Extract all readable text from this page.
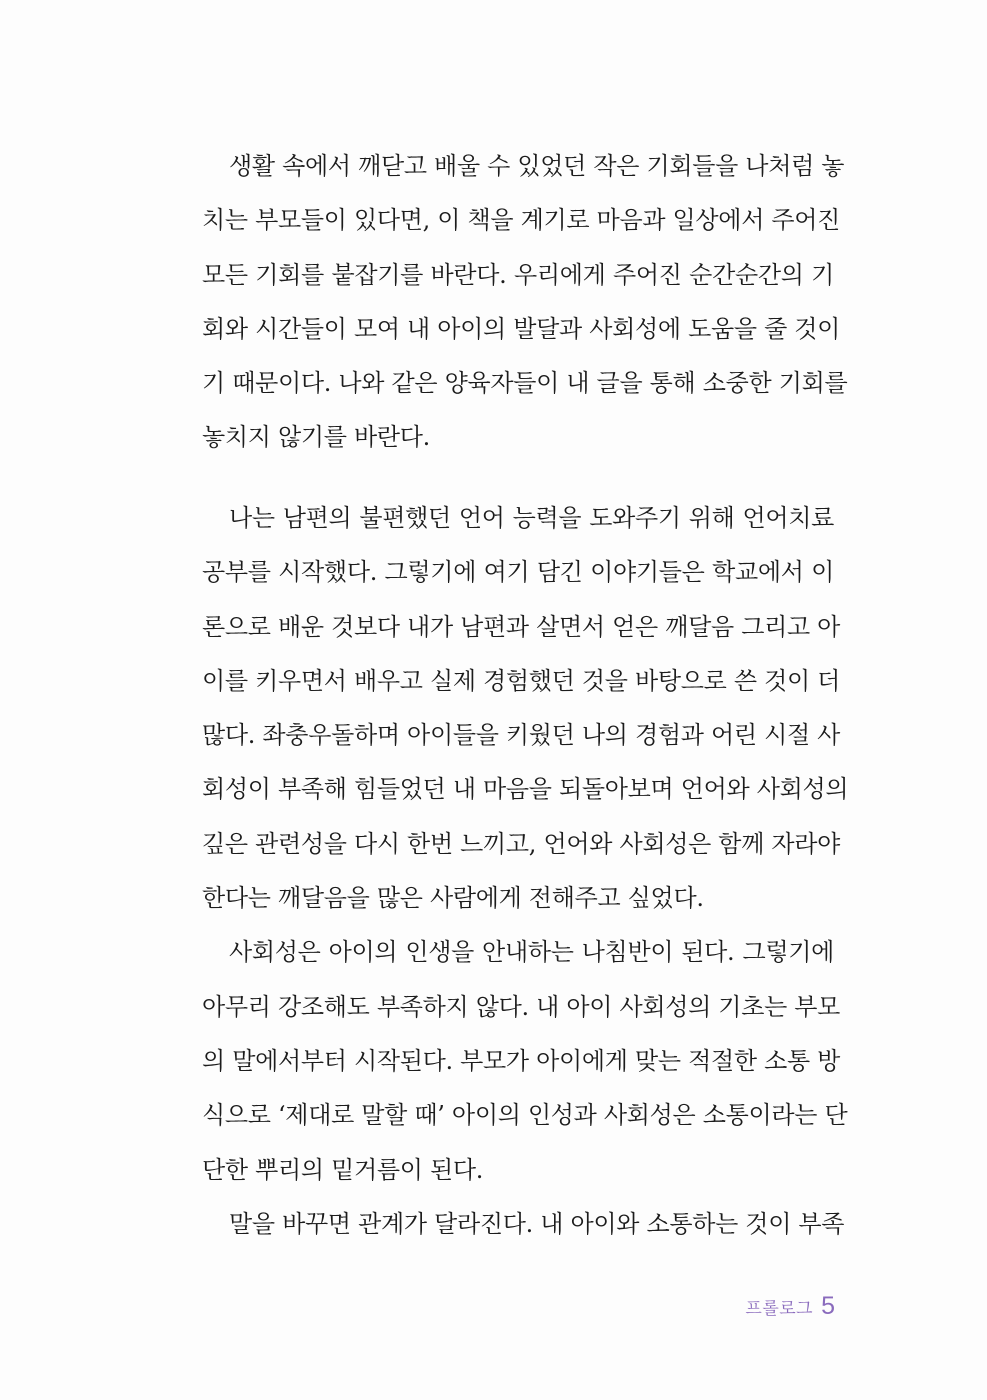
생활 속에서 깨닫고 배울 수 있었던 작은 기회들을 나처럼 놓
치는 부모들이 있다면, 이 책을 계기로 마음과 일상에서 주어진
모든 기회를 붙잡기를 바란다. 우리에게 주어진 순간순간의 기
회와 시간들이 모여 내 아이의 발달과 사회성에 도움을 줄 것이
기 때문이다. 나와 같은 양육자들이 내 글을 통해 소중한 기회를
놓치지 않기를 바란다.
나는 남편의 불편했던 언어 능력을 도와주기 위해 언어치료
공부를 시작했다. 그렇기에 여기 담긴 이야기들은 학교에서 이
론으로 배운 것보다 내가 남편과 살면서 얻은 깨달음 그리고 아
이를 키우면서 배우고 실제 경험했던 것을 바탕으로 쓴 것이 더
많다. 좌충우돌하며 아이들을 키웠던 나의 경험과 어린 시절 사
회성이 부족해 힘들었던 내 마음을 되돌아보며 언어와 사회성의
깊은 관련성을 다시 한번 느끼고, 언어와 사회성은 함께 자라야
한다는 깨달음을 많은 사람에게 전해주고 싶었다.
사회성은 아이의 인생을 안내하는 나침반이 된다. 그렇기에
아무리 강조해도 부족하지 않다. 내 아이 사회성의 기초는 부모
의 말에서부터 시작된다. 부모가 아이에게 맞는 적절한 소통 방
식으로 ‘제대로 말할 때’ 아이의 인성과 사회성은 소통이라는 단
단한 뿌리의 밑거름이 된다.
말을 바꾸면 관계가 달라진다. 내 아이와 소통하는 것이 부족
프롤로그 5
